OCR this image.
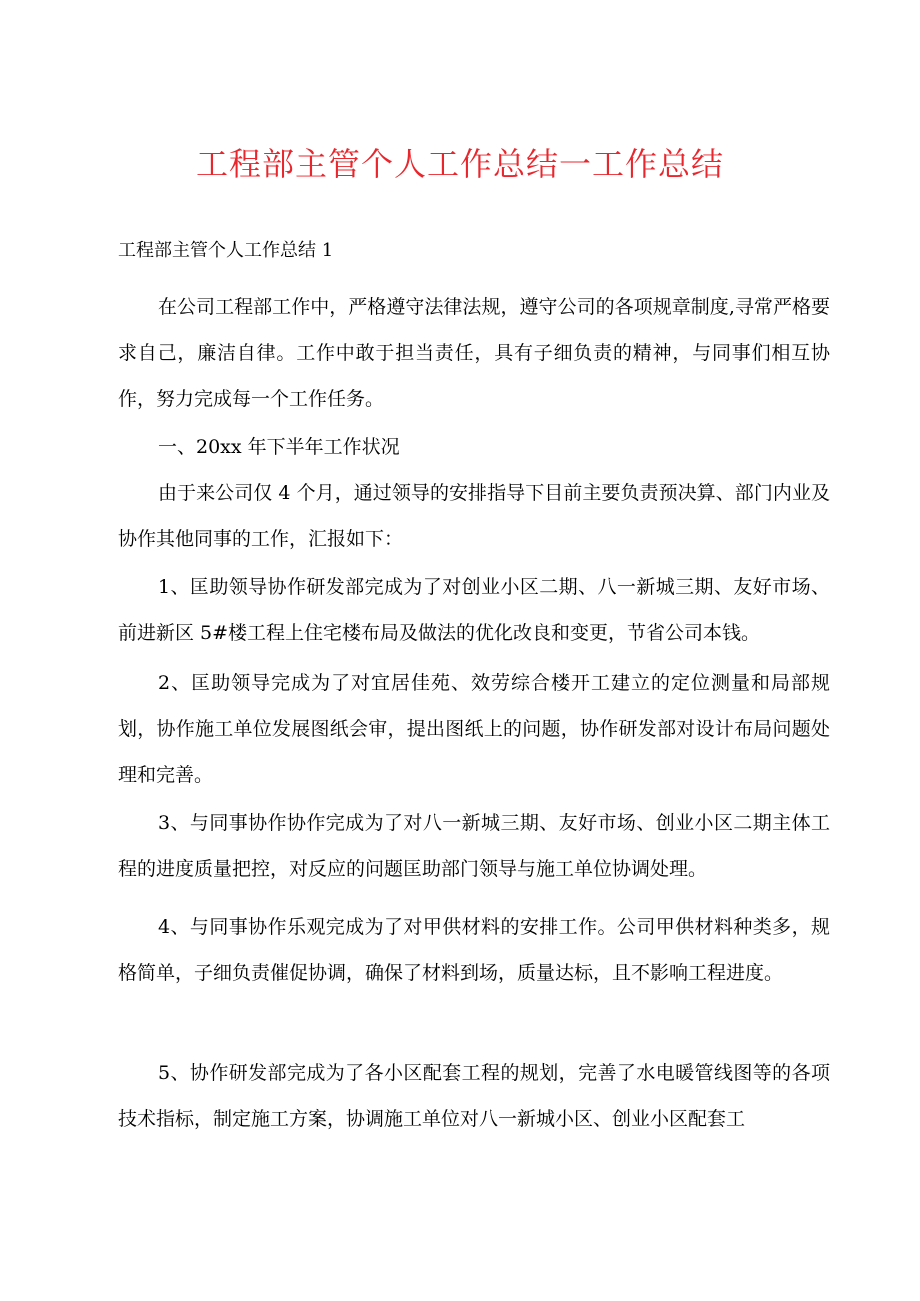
工程部主管个人工作总结一工作总结
工程部主管个人工作总结 1
在公司工程部工作中，严格遵守法律法规，遵守公司的各项规章制度,寻常严格要求自己，廉洁自律。工作中敢于担当责任，具有子细负责的精神，与同事们相互协作，努力完成每一个工作任务。
一、20xx 年下半年工作状况
由于来公司仅 4 个月，通过领导的安排指导下目前主要负责预决算、部门内业及协作其他同事的工作，汇报如下：
1、匡助领导协作研发部完成为了对创业小区二期、八一新城三期、友好市场、前进新区 5#楼工程上住宅楼布局及做法的优化改良和变更，节省公司本钱。
2、匡助领导完成为了对宜居佳苑、效劳综合楼开工建立的定位测量和局部规划，协作施工单位发展图纸会审，提出图纸上的问题，协作研发部对设计布局问题处理和完善。
3、与同事协作协作完成为了对八一新城三期、友好市场、创业小区二期主体工程的进度质量把控，对反应的问题匡助部门领导与施工单位协调处理。
4、与同事协作乐观完成为了对甲供材料的安排工作。公司甲供材料种类多，规格简单，子细负责催促协调，确保了材料到场，质量达标，且不影响工程进度。
5、协作研发部完成为了各小区配套工程的规划，完善了水电暖管线图等的各项技术指标，制定施工方案，协调施工单位对八一新城小区、创业小区配套工
